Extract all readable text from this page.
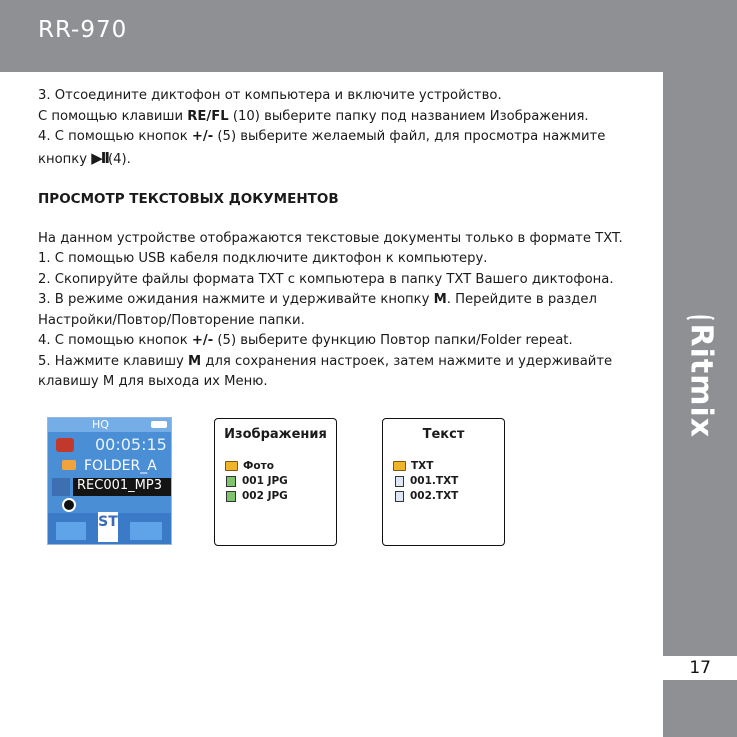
RR-970
Ritmix
17

3. Отсоедините диктофон от компьютера и включите устройство.

С помощью клавиши RE/FL (10) выберите папку под названием Изображения.

4. С помощью кнопок +/- (5) выберите желаемый файл, для просмотра нажмите

кнопку ▶II(4).

ПРОСМОТР ТЕКСТОВЫХ ДОКУМЕНТОВ

На данном устройстве отображаются текстовые документы только в формате TXT.

1. С помощью USB кабеля подключите диктофон к компьютеру.

2. Скопируйте файлы формата TXT с компьютера в папку TXT Вашего диктофона.

3. В режиме ожидания нажмите и удерживайте кнопку M. Перейдите в раздел

Настройки/Повтор/Повторение папки.

4. С помощью кнопок +/- (5) выберите функцию Повтор папки/Folder repeat.

5. Нажмите клавишу M для сохранения настроек, затем нажмите и удерживайте

клавишу М для выхода их Меню.

HQ
00:05:15
FOLDER_A
REC001_MP3
ST
Изображения
Фото
001 JPG
002 JPG
Текст
TXT
001.TXT
002.TXT
